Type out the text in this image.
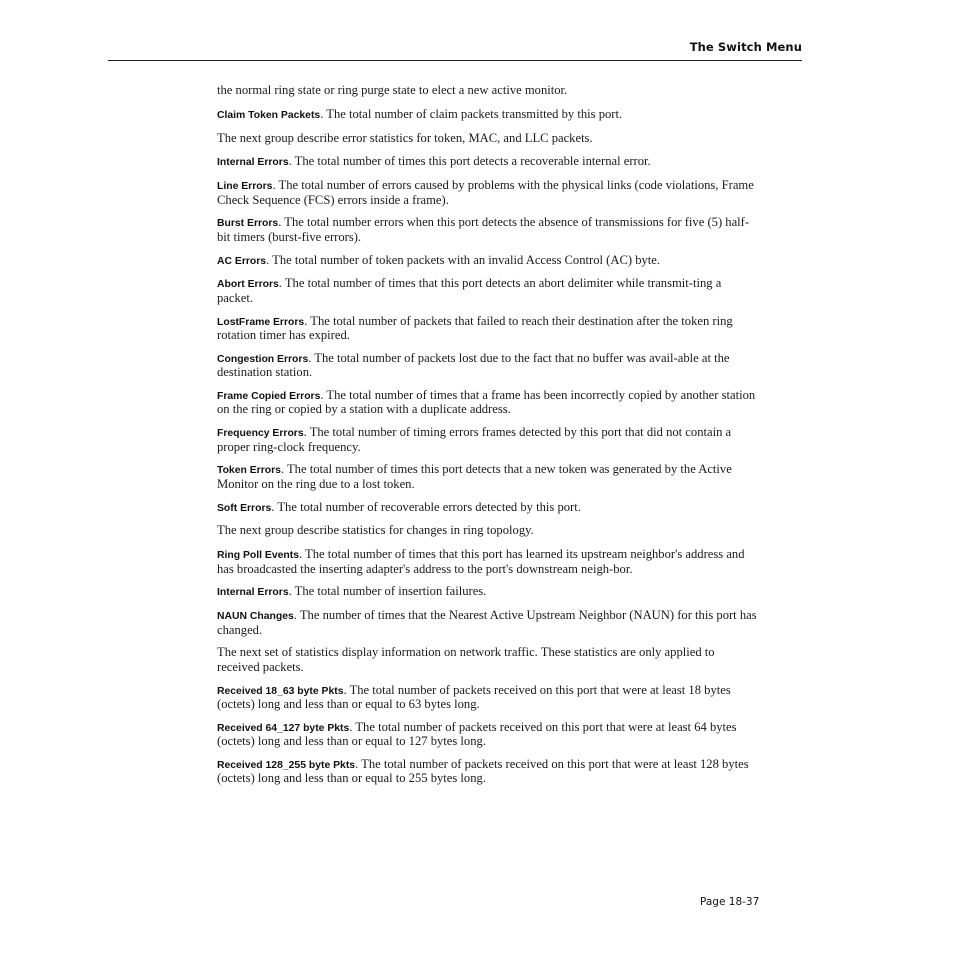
The Switch Menu

the normal ring state or ring purge state to elect a new active monitor.

Claim Token Packets. The total number of claim packets transmitted by this port.

The next group describe error statistics for token, MAC, and LLC packets.

Internal Errors. The total number of times this port detects a recoverable internal error.

Line Errors. The total number of errors caused by problems with the physical links (code violations, Frame Check Sequence (FCS) errors inside a frame).

Burst Errors. The total number errors when this port detects the absence of transmissions for five (5) half-bit timers (burst-five errors).

AC Errors. The total number of token packets with an invalid Access Control (AC) byte.

Abort Errors. The total number of times that this port detects an abort delimiter while transmit-ting a packet.

LostFrame Errors. The total number of packets that failed to reach their destination after the token ring rotation timer has expired.

Congestion Errors. The total number of packets lost due to the fact that no buffer was avail-able at the destination station.

Frame Copied Errors. The total number of times that a frame has been incorrectly copied by another station on the ring or copied by a station with a duplicate address.

Frequency Errors. The total number of timing errors frames detected by this port that did not contain a proper ring-clock frequency.

Token Errors. The total number of times this port detects that a new token was generated by the Active Monitor on the ring due to a lost token.

Soft Errors. The total number of recoverable errors detected by this port.

The next group describe statistics for changes in ring topology.

Ring Poll Events. The total number of times that this port has learned its upstream neighbor's address and has broadcasted the inserting adapter's address to the port's downstream neigh-bor.

Internal Errors. The total number of insertion failures.

NAUN Changes. The number of times that the Nearest Active Upstream Neighbor (NAUN) for this port has changed.

The next set of statistics display information on network traffic. These statistics are only applied to received packets.

Received 18_63 byte Pkts. The total number of packets received on this port that were at least 18 bytes (octets) long and less than or equal to 63 bytes long.

Received 64_127 byte Pkts. The total number of packets received on this port that were at least 64 bytes (octets) long and less than or equal to 127 bytes long.

Received 128_255 byte Pkts. The total number of packets received on this port that were at least 128 bytes (octets) long and less than or equal to 255 bytes long.

Page 18-37
